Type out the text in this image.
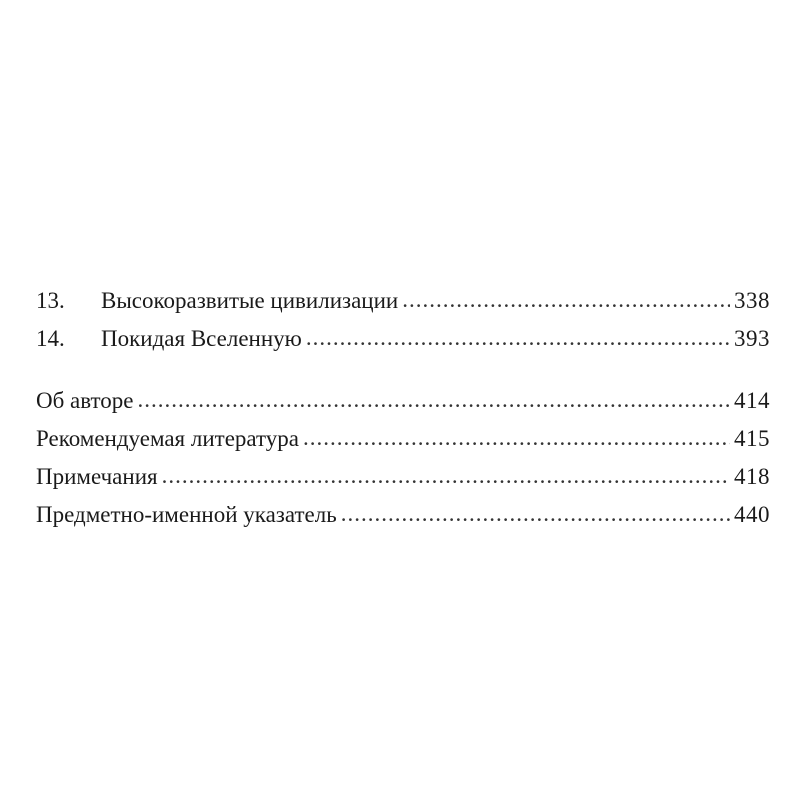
13.	Высокоразвитые цивилизации .....	338
14.	Покидая Вселенную .....	393
Об авторе .....	414
Рекомендуемая литература .....	415
Примечания .....	418
Предметно-именной указатель .....	440
